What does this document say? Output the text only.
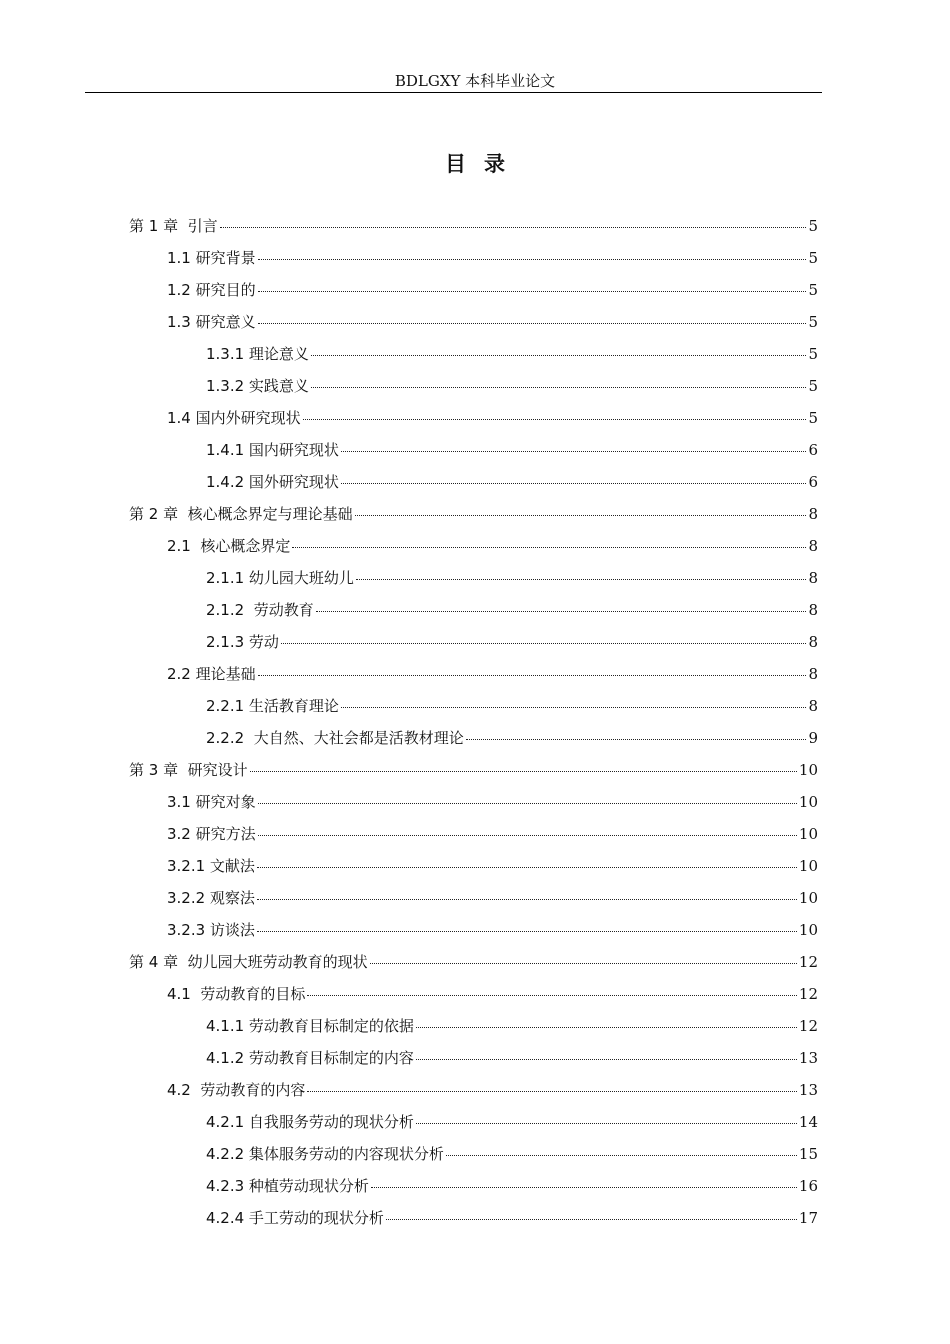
BDLGXY 本科毕业论文
目录
第 1 章  引言	5
1.1 研究背景	5
1.2 研究目的	5
1.3 研究意义	5
1.3.1 理论意义	5
1.3.2 实践意义	5
1.4 国内外研究现状	5
1.4.1 国内研究现状	6
1.4.2 国外研究现状	6
第 2 章  核心概念界定与理论基础	8
2.1  核心概念界定	8
2.1.1 幼儿园大班幼儿	8
2.1.2  劳动教育	8
2.1.3 劳动	8
2.2 理论基础	8
2.2.1 生活教育理论	8
2.2.2  大自然、大社会都是活教材理论	9
第 3 章  研究设计	10
3.1 研究对象	10
3.2 研究方法	10
3.2.1 文献法	10
3.2.2 观察法	10
3.2.3 访谈法	10
第 4 章  幼儿园大班劳动教育的现状	12
4.1  劳动教育的目标	12
4.1.1 劳动教育目标制定的依据	12
4.1.2 劳动教育目标制定的内容	13
4.2  劳动教育的内容	13
4.2.1 自我服务劳动的现状分析	14
4.2.2 集体服务劳动的内容现状分析	15
4.2.3 种植劳动现状分析	16
4.2.4 手工劳动的现状分析	17
